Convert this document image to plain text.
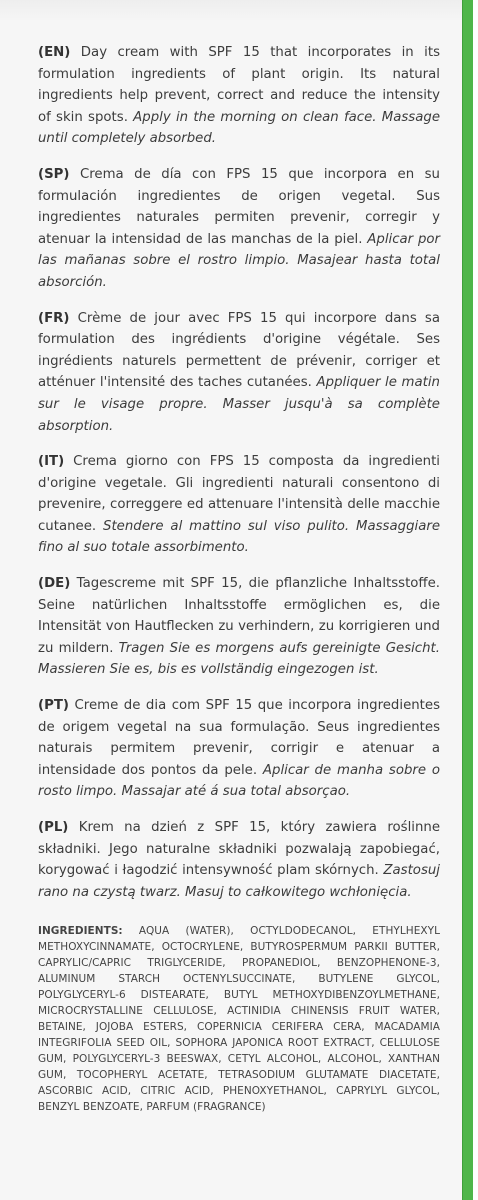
(EN) Day cream with SPF 15 that incorporates in its formulation ingredients of plant origin. Its natural ingredients help prevent, correct and reduce the intensity of skin spots. Apply in the morning on clean face. Massage until completely absorbed.

(SP) Crema de día con FPS 15 que incorpora en su formulación ingredientes de origen vegetal. Sus ingredientes naturales permiten prevenir, corregir y atenuar la intensidad de las manchas de la piel. Aplicar por las mañanas sobre el rostro limpio. Masajear hasta total absorción.

(FR) Crème de jour avec FPS 15 qui incorpore dans sa formulation des ingrédients d'origine végétale. Ses ingrédients naturels permettent de prévenir, corriger et atténuer l'intensité des taches cutanées. Appliquer le matin sur le visage propre. Masser jusqu'à sa complète absorption.

(IT) Crema giorno con FPS 15 composta da ingredienti d'origine vegetale. Gli ingredienti naturali consentono di prevenire, correggere ed attenuare l'intensità delle macchie cutanee. Stendere al mattino sul viso pulito. Massaggiare fino al suo totale assorbimento.

(DE) Tagescreme mit SPF 15, die pflanzliche Inhaltsstoffe. Seine natürlichen Inhaltsstoffe ermöglichen es, die Intensität von Hautflecken zu verhindern, zu korrigieren und zu mildern. Tragen Sie es morgens aufs gereinigte Gesicht. Massieren Sie es, bis es vollständig eingezogen ist.

(PT) Creme de dia com SPF 15 que incorpora ingredientes de origem vegetal na sua formulação. Seus ingredientes naturais permitem prevenir, corrigir e atenuar a intensidade dos pontos da pele. Aplicar de manha sobre o rosto limpo. Massajar até á sua total absorçao.

(PL) Krem na dzień z SPF 15, który zawiera roślinne składniki. Jego naturalne składniki pozwalają zapobiegać, korygować i łagodzić intensywność plam skórnych. Zastosuj rano na czystą twarz. Masuj to całkowitego wchłonięcia.

INGREDIENTS: AQUA (WATER), OCTYLDODECANOL, ETHYLHEXYL METHOXYCINNAMATE, OCTOCRYLENE, BUTYROSPERMUM PARKII BUTTER, CAPRYLIC/CAPRIC TRIGLYCERIDE, PROPANEDIOL, BENZOPHENONE-3, ALUMINUM STARCH OCTENYLSUCCINATE, BUTYLENE GLYCOL, POLYGLYCERYL-6 DISTEARATE, BUTYL METHOXYDIBENZOYLMETHANE, MICROCRYSTALLINE CELLULOSE, ACTINIDIA CHINENSIS FRUIT WATER, BETAINE, JOJOBA ESTERS, COPERNICIA CERIFERA CERA, MACADAMIA INTEGRIFOLIA SEED OIL, SOPHORA JAPONICA ROOT EXTRACT, CELLULOSE GUM, POLYGLYCERYL-3 BEESWAX, CETYL ALCOHOL, ALCOHOL, XANTHAN GUM, TOCOPHERYL ACETATE, TETRASODIUM GLUTAMATE DIACETATE, ASCORBIC ACID, CITRIC ACID, PHENOXYETHANOL, CAPRYLYL GLYCOL, BENZYL BENZOATE, PARFUM (FRAGRANCE)
